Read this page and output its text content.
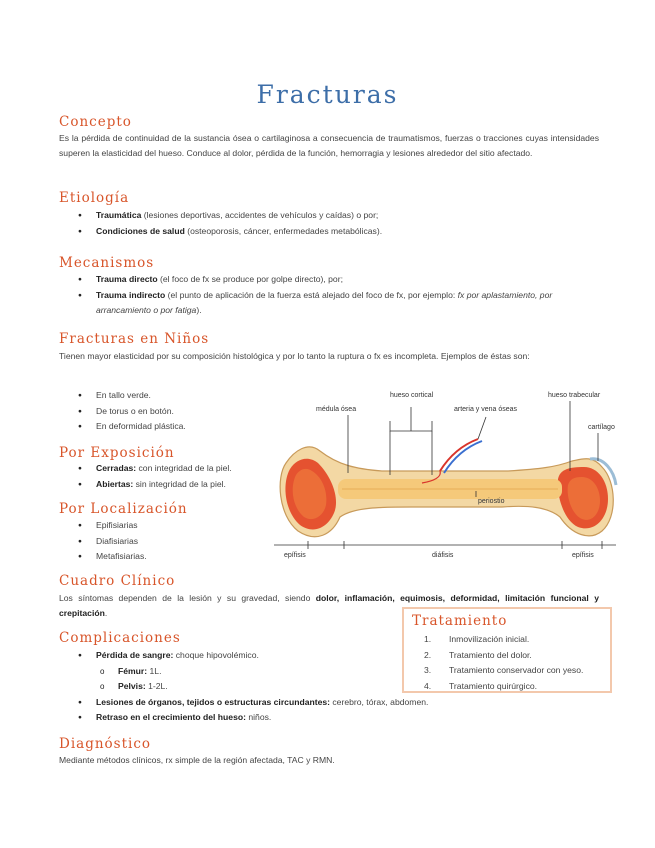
Fracturas
Concepto

Es la pérdida de continuidad de la sustancia ósea o cartilaginosa a consecuencia de traumatismos, fuerzas o tracciones cuyas intensidades superen la elasticidad del hueso. Conduce al dolor, pérdida de la función, hemorragia y lesiones alrededor del sitio afectado.

Etiología
● Traumática (lesiones deportivas, accidentes de vehículos y caídas) o por;
● Condiciones de salud (osteoporosis, cáncer, enfermedades metabólicas).
Mecanismos
● Trauma directo (el foco de fx se produce por golpe directo), por;
● Trauma indirecto (el punto de aplicación de la fuerza está alejado del foco de fx, por ejemplo: fx por aplastamiento, por arrancamiento o por fatiga).
Fracturas en Niños

Tienen mayor elasticidad por su composición histológica y por lo tanto la ruptura o fx es incompleta. Ejemplos de éstas son:

● En tallo verde.
● De torus o en botón.
● En deformidad plástica.
Por Exposición
● Cerradas: con integridad de la piel.
● Abiertas: sin integridad de la piel.
Por Localización
● Epifisiarias
● Diafisiarias
● Metafisiarias.
hueso cortical	hueso trabecular
médula ósea	arteria y vena óseas
cartílago
periostio
epífisis	diáfisis	epífisis
Cuadro Clínico

Los síntomas dependen de la lesión y su gravedad, siendo dolor, inflamación, equimosis, deformidad, limitación funcional y crepitación.

Complicaciones
● Pérdida de sangre: choque hipovolémico.
o Fémur: 1L.
o Pelvis: 1-2L.
● Lesiones de órganos, tejidos o estructuras circundantes: cerebro, tórax, abdomen.
● Retraso en el crecimiento del hueso: niños.
Tratamiento
1. Inmovilización inicial.
2. Tratamiento del dolor.
3. Tratamiento conservador con yeso.
4. Tratamiento quirúrgico.
Diagnóstico

Mediante métodos clínicos, rx simple de la región afectada, TAC y RMN.
